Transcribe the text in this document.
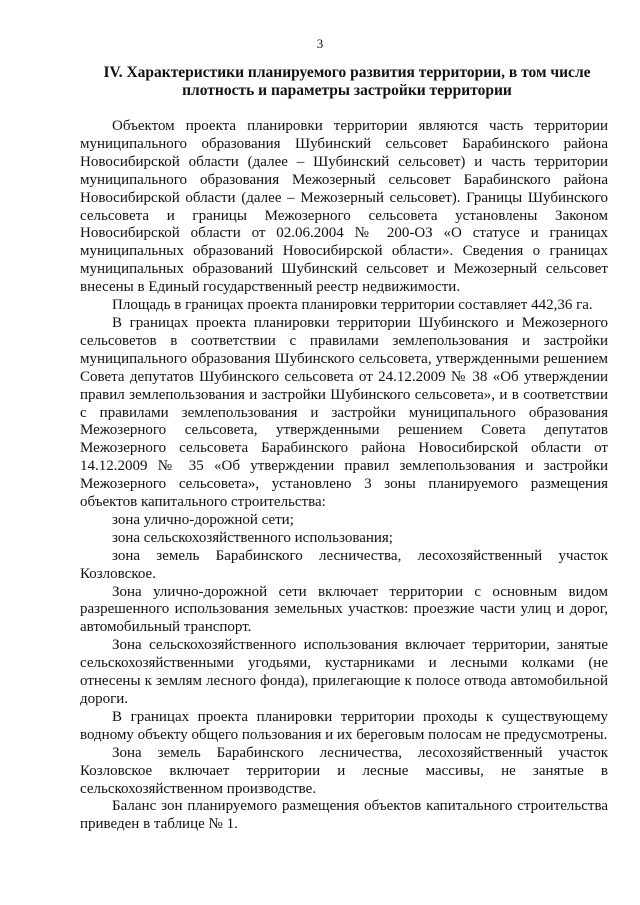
3
IV. Характеристики планируемого развития территории, в том числе
плотность и параметры застройки территории

Объектом проекта планировки территории являются часть территории муниципального образования Шубинский сельсовет Барабинского района Новосибирской области (далее – Шубинский сельсовет) и часть территории муниципального образования Межозерный сельсовет Барабинского района Новосибирской области (далее – Межозерный сельсовет). Границы Шубинского сельсовета и границы Межозерного сельсовета установлены Законом Новосибирской области от 02.06.2004 № 200-ОЗ «О статусе и границах муниципальных образований Новосибирской области». Сведения о границах муниципальных образований Шубинский сельсовет и Межозерный сельсовет внесены в Единый государственный реестр недвижимости.

Площадь в границах проекта планировки территории составляет 442,36 га.

В границах проекта планировки территории Шубинского и Межозерного сельсоветов в соответствии с правилами землепользования и застройки муниципального образования Шубинского сельсовета, утвержденными решением Совета депутатов Шубинского сельсовета от 24.12.2009 № 38 «Об утверждении правил землепользования и застройки Шубинского сельсовета», и в соответствии с правилами землепользования и застройки муниципального образования Межозерного сельсовета, утвержденными решением Совета депутатов Межозерного сельсовета Барабинского района Новосибирской области от 14.12.2009 № 35 «Об утверждении правил землепользования и застройки Межозерного сельсовета», установлено 3 зоны планируемого размещения объектов капитального строительства:

зона улично-дорожной сети;

зона сельскохозяйственного использования;

зона земель Барабинского лесничества, лесохозяйственный участок Козловское.

Зона улично-дорожной сети включает территории с основным видом разрешенного использования земельных участков: проезжие части улиц и дорог, автомобильный транспорт.

Зона сельскохозяйственного использования включает территории, занятые сельскохозяйственными угодьями, кустарниками и лесными колками (не отнесены к землям лесного фонда), прилегающие к полосе отвода автомобильной дороги.

В границах проекта планировки территории проходы к существующему водному объекту общего пользования и их береговым полосам не предусмотрены.

Зона земель Барабинского лесничества, лесохозяйственный участок Козловское включает территории и лесные массивы, не занятые в сельскохозяйственном производстве.

Баланс зон планируемого размещения объектов капитального строительства приведен в таблице № 1.
